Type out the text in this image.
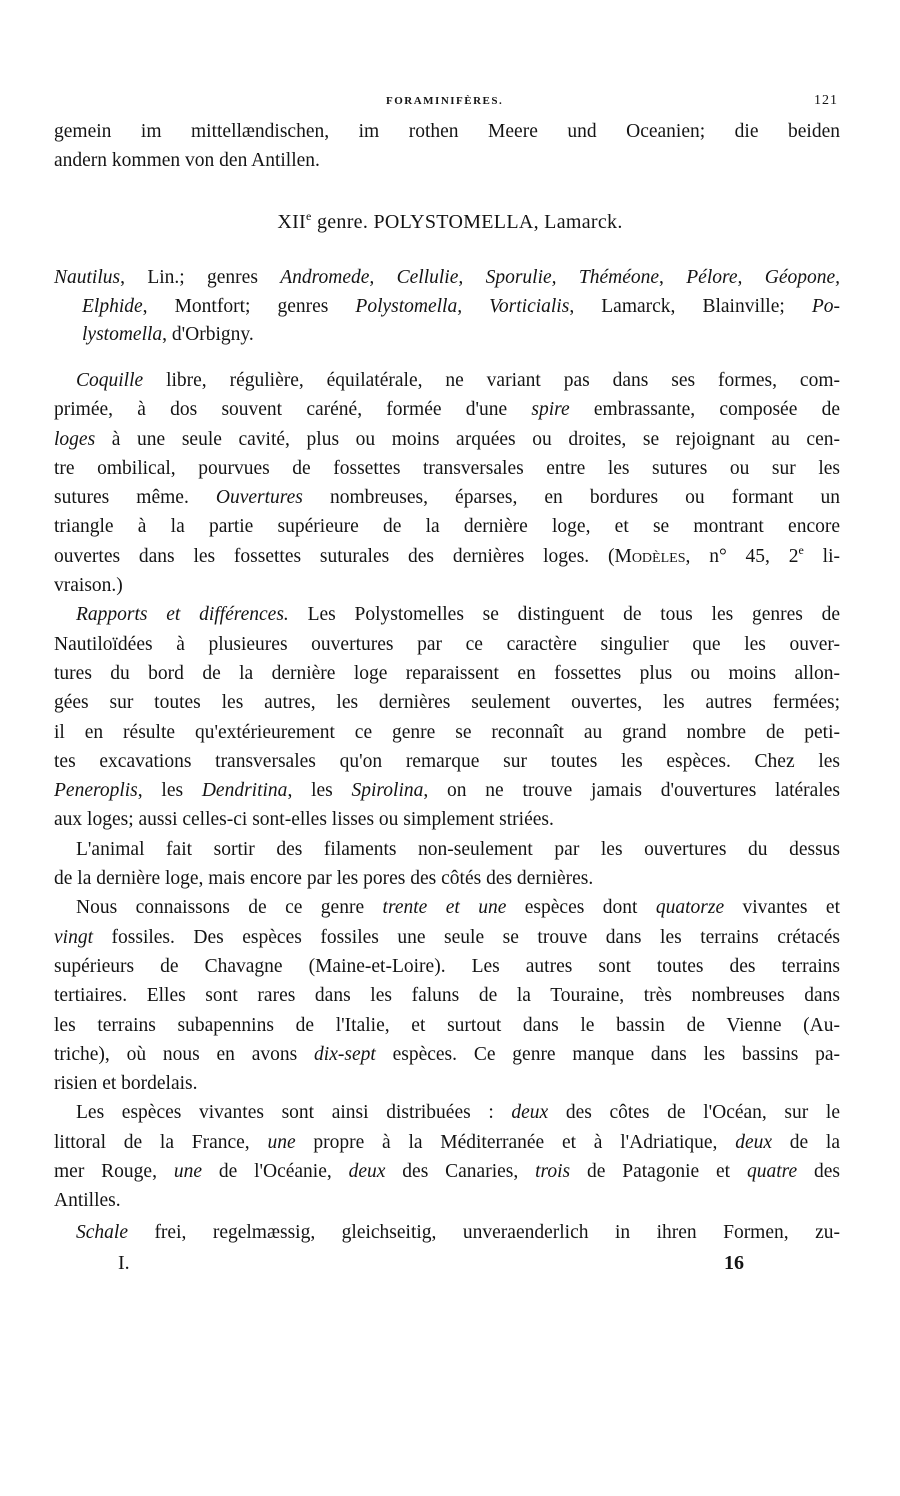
FORAMINIFÈRES.	121
gemein im mittellændischen, im rothen Meere und Oceanien; die beiden
andern kommen von den Antillen.
XIIe genre. POLYSTOMELLA, Lamarck.
Nautilus, Lin.; genres Andromede, Cellulie, Sporulie, Théméone, Pélore, Géopone,
Elphide, Montfort; genres Polystomella, Vorticialis, Lamarck, Blainville; Po-
lystomella, d'Orbigny.
Coquille libre, régulière, équilatérale, ne variant pas dans ses formes, com-
primée, à dos souvent caréné, formée d'une spire embrassante, composée de
loges à une seule cavité, plus ou moins arquées ou droites, se rejoignant au cen-
tre ombilical, pourvues de fossettes transversales entre les sutures ou sur les
sutures même. Ouvertures nombreuses, éparses, en bordures ou formant un
triangle à la partie supérieure de la dernière loge, et se montrant encore
ouvertes dans les fossettes suturales des dernières loges. (Modèles, n° 45, 2e li-
vraison.)
Rapports et différences. Les Polystomelles se distinguent de tous les genres de
Nautiloïdées à plusieures ouvertures par ce caractère singulier que les ouver-
tures du bord de la dernière loge reparaissent en fossettes plus ou moins allon-
gées sur toutes les autres, les dernières seulement ouvertes, les autres fermées;
il en résulte qu'extérieurement ce genre se reconnaît au grand nombre de peti-
tes excavations transversales qu'on remarque sur toutes les espèces. Chez les
Peneroplis, les Dendritina, les Spirolina, on ne trouve jamais d'ouvertures latérales
aux loges; aussi celles-ci sont-elles lisses ou simplement striées.
L'animal fait sortir des filaments non-seulement par les ouvertures du dessus
de la dernière loge, mais encore par les pores des côtés des dernières.
Nous connaissons de ce genre trente et une espèces dont quatorze vivantes et
vingt fossiles. Des espèces fossiles une seule se trouve dans les terrains crétacés
supérieurs de Chavagne (Maine-et-Loire). Les autres sont toutes des terrains
tertiaires. Elles sont rares dans les faluns de la Touraine, très nombreuses dans
les terrains subapennins de l'Italie, et surtout dans le bassin de Vienne (Au-
triche), où nous en avons dix-sept espèces. Ce genre manque dans les bassins pa-
risien et bordelais.
Les espèces vivantes sont ainsi distribuées : deux des côtes de l'Océan, sur le
littoral de la France, une propre à la Méditerranée et à l'Adriatique, deux de la
mer Rouge, une de l'Océanie, deux des Canaries, trois de Patagonie et quatre des
Antilles.
Schale frei, regelmæssig, gleichseitig, unveraenderlich in ihren Formen, zu-
I.	16
